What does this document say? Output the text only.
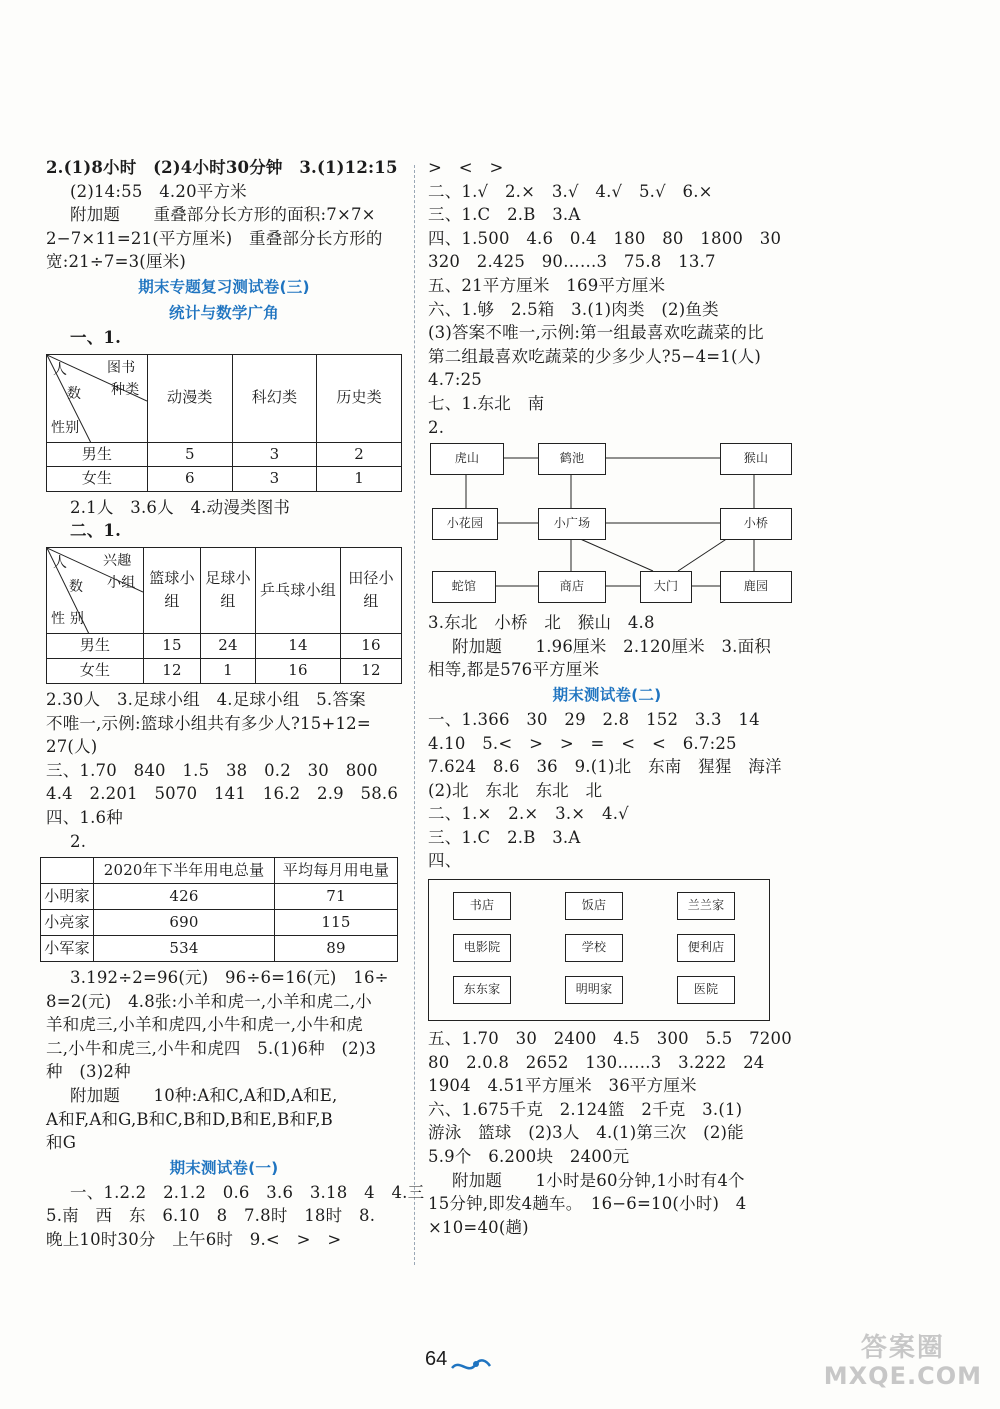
2.(1)8小时　(2)4小时30分钟　3.(1)12:15
(2)14:55　4.20平方米
附加题　　重叠部分长方形的面积:7×7×
2−7×11=21(平方厘米)　重叠部分长方形的
宽:21÷7=3(厘米)
期末专题复习测试卷(三)
统计与数学广角
一、1.
图书
种类
人
数
性别	动漫类	科幻类	历史类
男生	5	3	2
女生	6	3	1
2.1人　3.6人　4.动漫类图书
二、1.
兴趣
小组
人
数
性 别	篮球小组	足球小组	乒乓球小组	田径小组
男生	15	24	14	16
女生	12	1	16	12
2.30人　3.足球小组　4.足球小组　5.答案
不唯一,示例:篮球小组共有多少人?15+12=
27(人)
三、1.70　840　1.5　38　0.2　30　800
4.4　2.201　5070　141　16.2　2.9　58.6
四、1.6种
2.
	2020年下半年用电总量	平均每月用电量
小明家	426	71
小亮家	690	115
小军家	534	89
3.192÷2=96(元)　96÷6=16(元)　16÷
8=2(元)　4.8张:小羊和虎一,小羊和虎二,小
羊和虎三,小羊和虎四,小牛和虎一,小牛和虎
二,小牛和虎三,小牛和虎四　5.(1)6种　(2)3
种　(3)2种
附加题　　10种:A和C,A和D,A和E,
A和F,A和G,B和C,B和D,B和E,B和F,B
和G
期末测试卷(一)
一、1.2.2　2.1.2　0.6　3.6　3.18　4　4.三
5.南　西　东　6.10　8　7.8时　18时　8.
晚上10时30分　上午6时　9.<　>　>
>　<　>
二、1.√　2.×　3.√　4.√　5.√　6.×
三、1.C　2.B　3.A
四、1.500　4.6　0.4　180　80　1800　30
320　2.425　90……3　75.8　13.7
五、21平方厘米　169平方厘米
六、1.够　2.5箱　3.(1)肉类　(2)鱼类
(3)答案不唯一,示例:第一组最喜欢吃蔬菜的比
第二组最喜欢吃蔬菜的少多少人?5−4=1(人)
4.7:25
七、1.东北　南
2.
虎山	鹤池	猴山
小花园	小广场	小桥
蛇馆	商店	大门	鹿园
3.东北　小桥　北　猴山　4.8
附加题　　1.96厘米　2.120厘米　3.面积
相等,都是576平方厘米
期末测试卷(二)
一、1.366　30　29　2.8　152　3.3　14
4.10　5.<　>　>　=　<　<　6.7:25
7.624　8.6　36　9.(1)北　东南　猩猩　海洋
(2)北　东北　东北　北
二、1.×　2.×　3.×　4.√
三、1.C　2.B　3.A
四、
书店	饭店	兰兰家
电影院	学校	便利店
东东家	明明家	医院
五、1.70　30　2400　4.5　300　5.5　7200
80　2.0.8　2652　130……3　3.222　24
1904　4.51平方厘米　36平方厘米
六、1.675千克　2.124篮　2千克　3.(1)
游泳　篮球　(2)3人　4.(1)第三次　(2)能
5.9个　6.200块　2400元
附加题　　1小时是60分钟,1小时有4个
15分钟,即发4趟车。　16−6=10(小时)　4
×10=40(趟)
64	答案圈
MXQE.COM
